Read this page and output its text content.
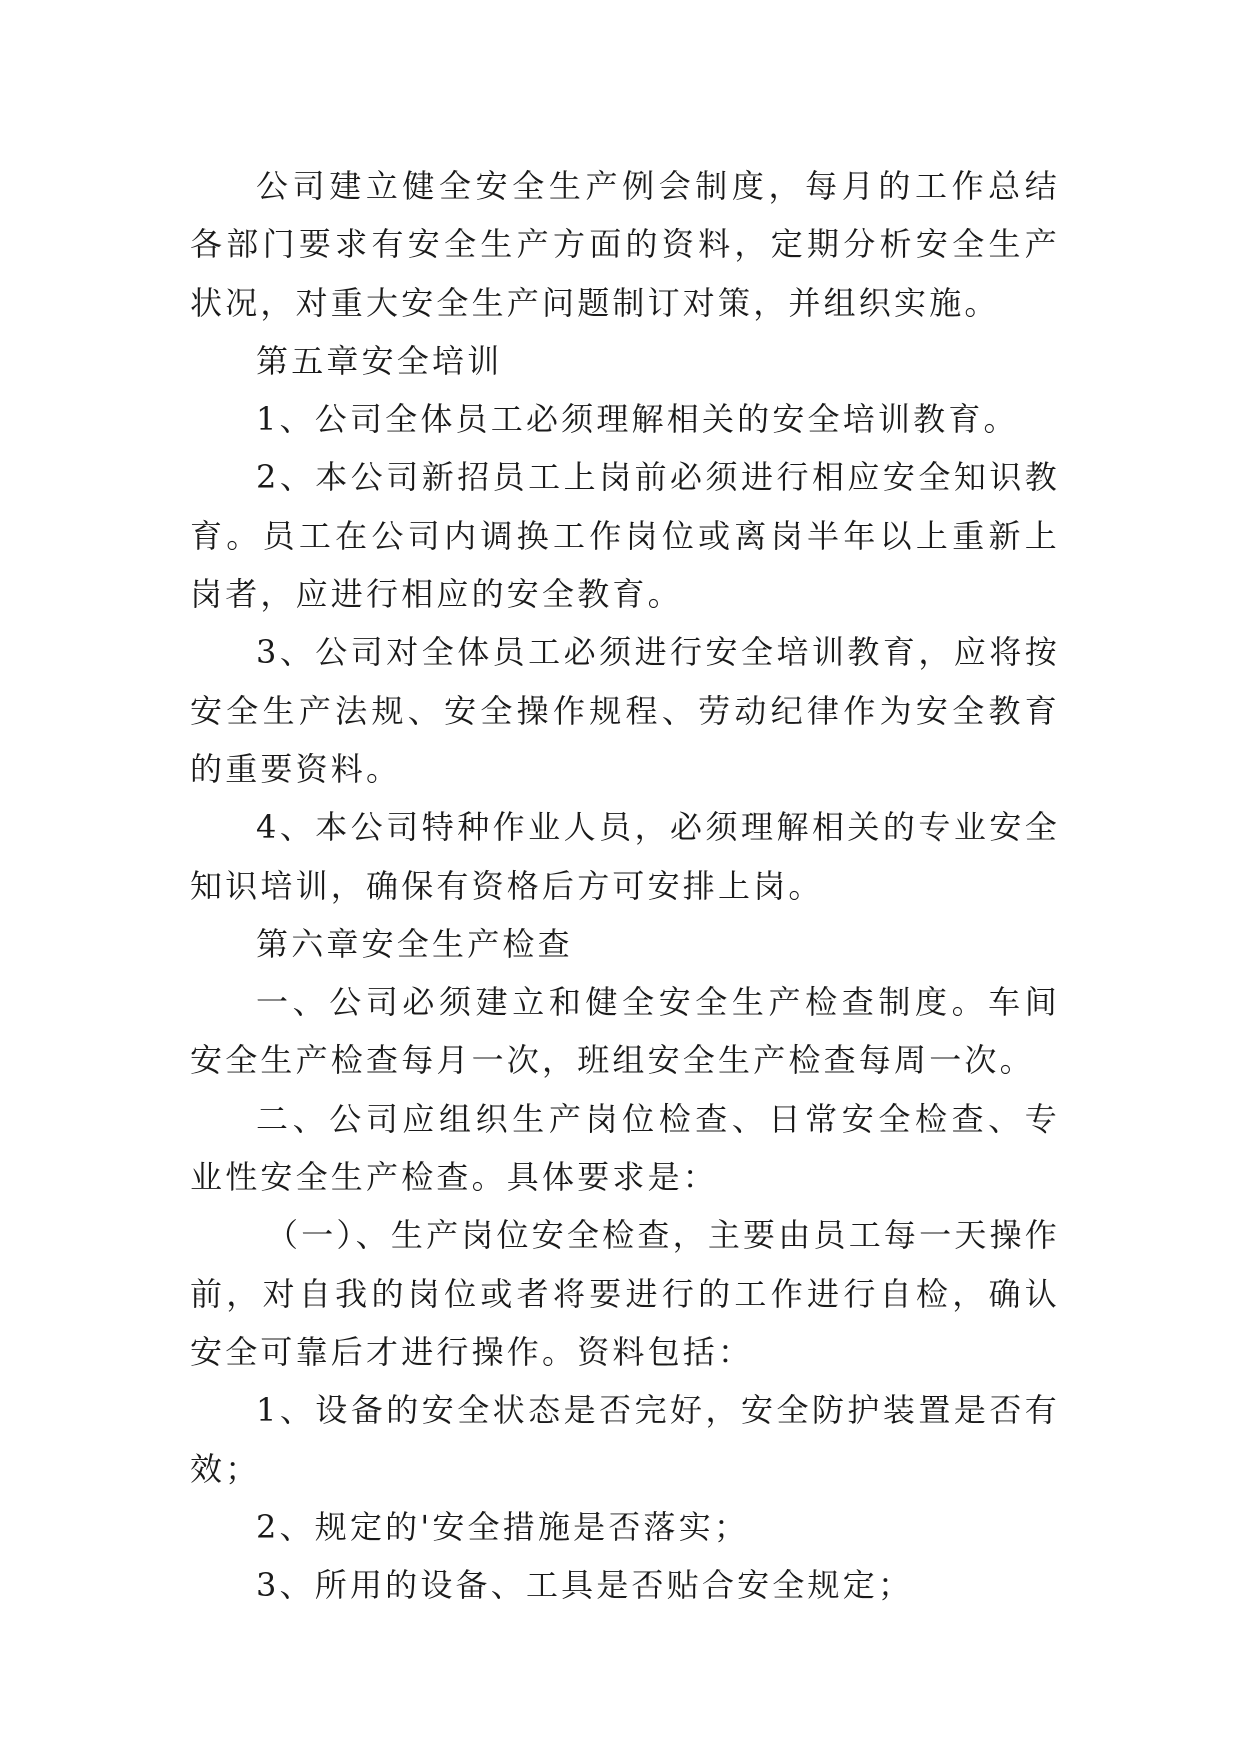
公司建立健全安全生产例会制度，每月的工作总结各部门要求有安全生产方面的资料，定期分析安全生产状况，对重大安全生产问题制订对策，并组织实施。

第五章安全培训

1、公司全体员工必须理解相关的安全培训教育。

2、本公司新招员工上岗前必须进行相应安全知识教育。员工在公司内调换工作岗位或离岗半年以上重新上岗者，应进行相应的安全教育。

3、公司对全体员工必须进行安全培训教育，应将按安全生产法规、安全操作规程、劳动纪律作为安全教育的重要资料。

4、本公司特种作业人员，必须理解相关的专业安全知识培训，确保有资格后方可安排上岗。

第六章安全生产检查

一、公司必须建立和健全安全生产检查制度。车间安全生产检查每月一次，班组安全生产检查每周一次。

二、公司应组织生产岗位检查、日常安全检查、专业性安全生产检查。具体要求是：

（一）、生产岗位安全检查，主要由员工每一天操作前，对自我的岗位或者将要进行的工作进行自检，确认安全可靠后才进行操作。资料包括：

1、设备的安全状态是否完好，安全防护装置是否有效；

2、规定的'安全措施是否落实；

3、所用的设备、工具是否贴合安全规定；
